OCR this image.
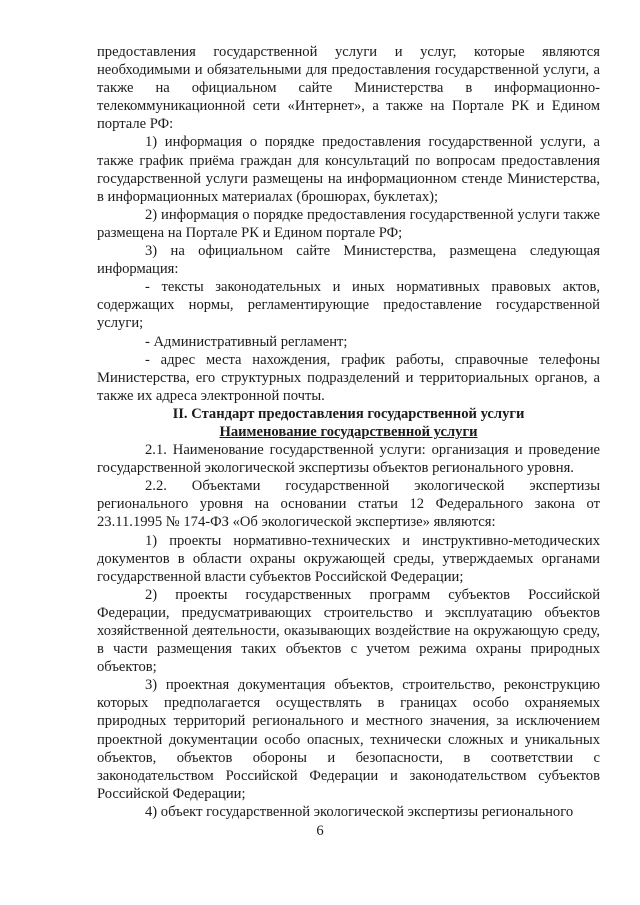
предоставления государственной услуги и услуг, которые являются необходимыми и обязательными для предоставления государственной услуги, а также на официальном сайте Министерства в информационно-телекоммуникационной сети «Интернет», а также на Портале РК и Едином портале РФ:

1) информация о порядке предоставления государственной услуги, а также график приёма граждан для консультаций по вопросам предоставления государственной услуги размещены на информационном стенде Министерства, в информационных материалах (брошюрах, буклетах);

2) информация о порядке предоставления государственной услуги также размещена на Портале РК и Едином портале РФ;

3) на официальном сайте Министерства, размещена следующая информация:

- тексты законодательных и иных нормативных правовых актов, содержащих нормы, регламентирующие предоставление государственной услуги;

- Административный регламент;

- адрес места нахождения, график работы, справочные телефоны Министерства, его структурных подразделений и территориальных органов, а также их адреса электронной почты.

II. Стандарт предоставления государственной услуги

Наименование государственной услуги

2.1. Наименование государственной услуги: организация и проведение государственной экологической экспертизы объектов регионального уровня.

2.2. Объектами государственной экологической экспертизы регионального уровня на основании статьи 12 Федерального закона от 23.11.1995 № 174-ФЗ «Об экологической экспертизе» являются:

1) проекты нормативно-технических и инструктивно-методических документов в области охраны окружающей среды, утверждаемых органами государственной власти субъектов Российской Федерации;

2) проекты государственных программ субъектов Российской Федерации, предусматривающих строительство и эксплуатацию объектов хозяйственной деятельности, оказывающих воздействие на окружающую среду, в части размещения таких объектов с учетом режима охраны природных объектов;

3) проектная документация объектов, строительство, реконструкцию которых предполагается осуществлять в границах особо охраняемых природных территорий регионального и местного значения, за исключением проектной документации особо опасных, технически сложных и уникальных объектов, объектов обороны и безопасности, в соответствии с законодательством Российской Федерации и законодательством субъектов Российской Федерации;

4) объект государственной экологической экспертизы регионального

6
